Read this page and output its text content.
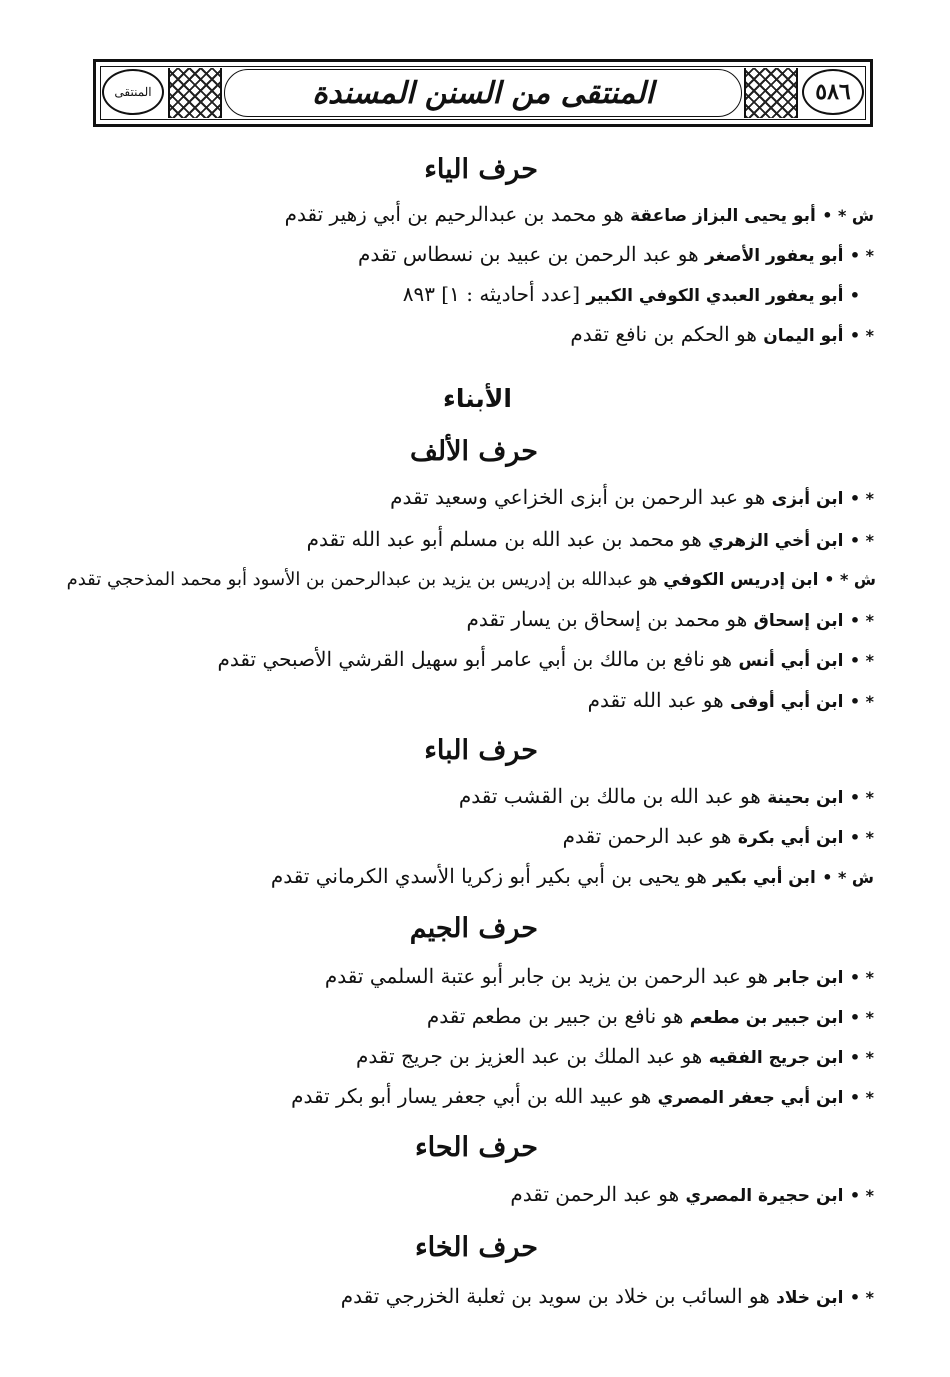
٥٨٦
المنتقى من السنن المسندة
المنتقى
حرف الياء
ش * • أبو يحيى البزاز صاعقة هو محمد بن عبدالرحيم بن أبي زهير تقدم
* • أبو يعفور الأصغر هو عبد الرحمن بن عبيد بن نسطاس تقدم
• أبو يعفور العبدي الكوفي الكبير [عدد أحاديثه : ١] ٨٩٣
* • أبو اليمان هو الحكم بن نافع تقدم
الأبناء
حرف الألف
* • ابن أبزى هو عبد الرحمن بن أبزى الخزاعي وسعيد تقدم
* • ابن أخي الزهري هو محمد بن عبد الله بن مسلم أبو عبد الله تقدم
ش * • ابن إدريس الكوفي هو عبدالله بن إدريس بن يزيد بن عبدالرحمن بن الأسود أبو محمد المذحجي تقدم
* • ابن إسحاق هو محمد بن إسحاق بن يسار تقدم
* • ابن أبي أنس هو نافع بن مالك بن أبي عامر أبو سهيل القرشي الأصبحي تقدم
* • ابن أبي أوفى هو عبد الله تقدم
حرف الباء
* • ابن بحينة هو عبد الله بن مالك بن القشب تقدم
* • ابن أبي بكرة هو عبد الرحمن تقدم
ش * • ابن أبي بكير هو يحيى بن أبي بكير أبو زكريا الأسدي الكرماني تقدم
حرف الجيم
* • ابن جابر هو عبد الرحمن بن يزيد بن جابر أبو عتبة السلمي تقدم
* • ابن جبير بن مطعم هو نافع بن جبير بن مطعم تقدم
* • ابن جريج الفقيه هو عبد الملك بن عبد العزيز بن جريج تقدم
* • ابن أبي جعفر المصري هو عبيد الله بن أبي جعفر يسار أبو بكر تقدم
حرف الحاء
* • ابن حجيرة المصري هو عبد الرحمن تقدم
حرف الخاء
* • ابن خلاد هو السائب بن خلاد بن سويد بن ثعلبة الخزرجي تقدم
